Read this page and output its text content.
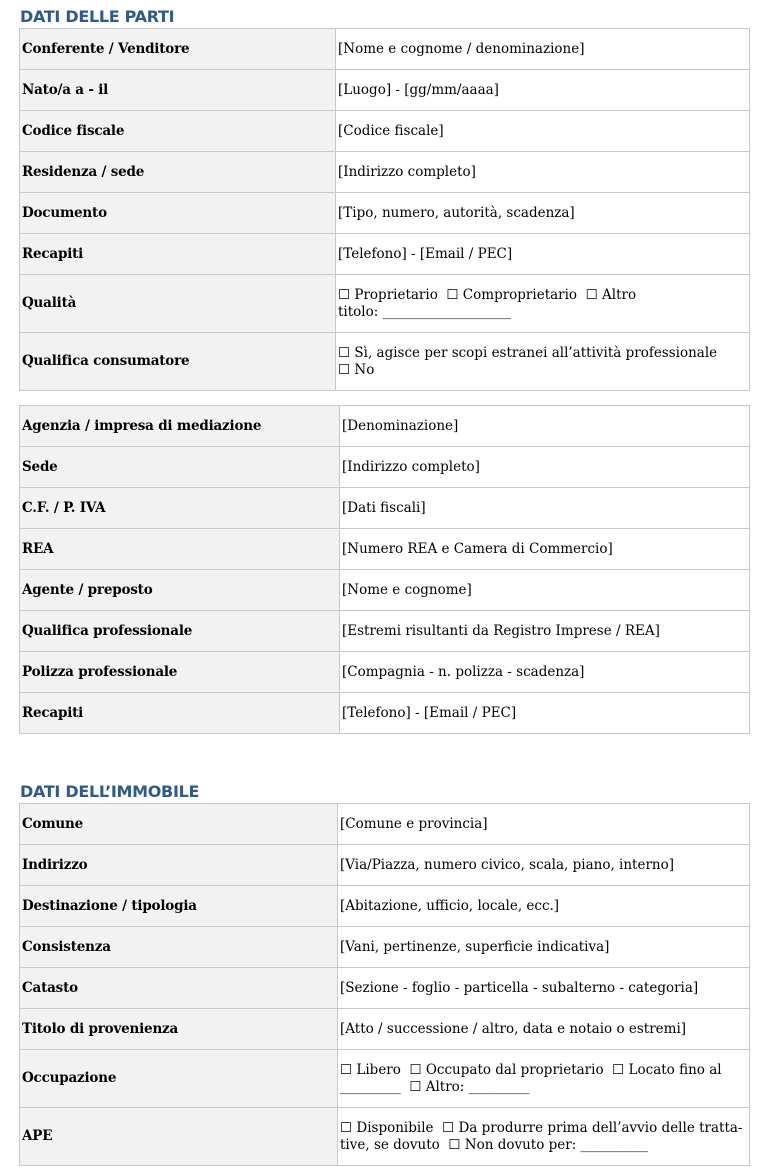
DATI DELLE PARTI
Conferente / Venditore	[Nome e cognome / denominazione]
Nato/a a - il	[Luogo] - [gg/mm/aaaa]
Codice fiscale	[Codice fiscale]
Residenza / sede	[Indirizzo completo]
Documento	[Tipo, numero, autorità, scadenza]
Recapiti	[Telefono] - [Email / PEC]
Qualità	☐ Proprietario  ☐ Comproprietario  ☐ Altro
titolo: ___________________
Qualifica consumatore	☐ Sì, agisce per scopi estranei all’attività professionale
☐ No
Agenzia / impresa di mediazione	[Denominazione]
Sede	[Indirizzo completo]
C.F. / P. IVA	[Dati fiscali]
REA	[Numero REA e Camera di Commercio]
Agente / preposto	[Nome e cognome]
Qualifica professionale	[Estremi risultanti da Registro Imprese / REA]
Polizza professionale	[Compagnia - n. polizza - scadenza]
Recapiti	[Telefono] - [Email / PEC]
DATI DELL’IMMOBILE
Comune	[Comune e provincia]
Indirizzo	[Via/Piazza, numero civico, scala, piano, interno]
Destinazione / tipologia	[Abitazione, ufficio, locale, ecc.]
Consistenza	[Vani, pertinenze, superficie indicativa]
Catasto	[Sezione - foglio - particella - subalterno - categoria]
Titolo di provenienza	[Atto / successione / altro, data e notaio o estremi]
Occupazione	☐ Libero  ☐ Occupato dal proprietario  ☐ Locato fino al
_________  ☐ Altro: _________
APE	☐ Disponibile  ☐ Da produrre prima dell’avvio delle tratta-
tive, se dovuto  ☐ Non dovuto per: __________
